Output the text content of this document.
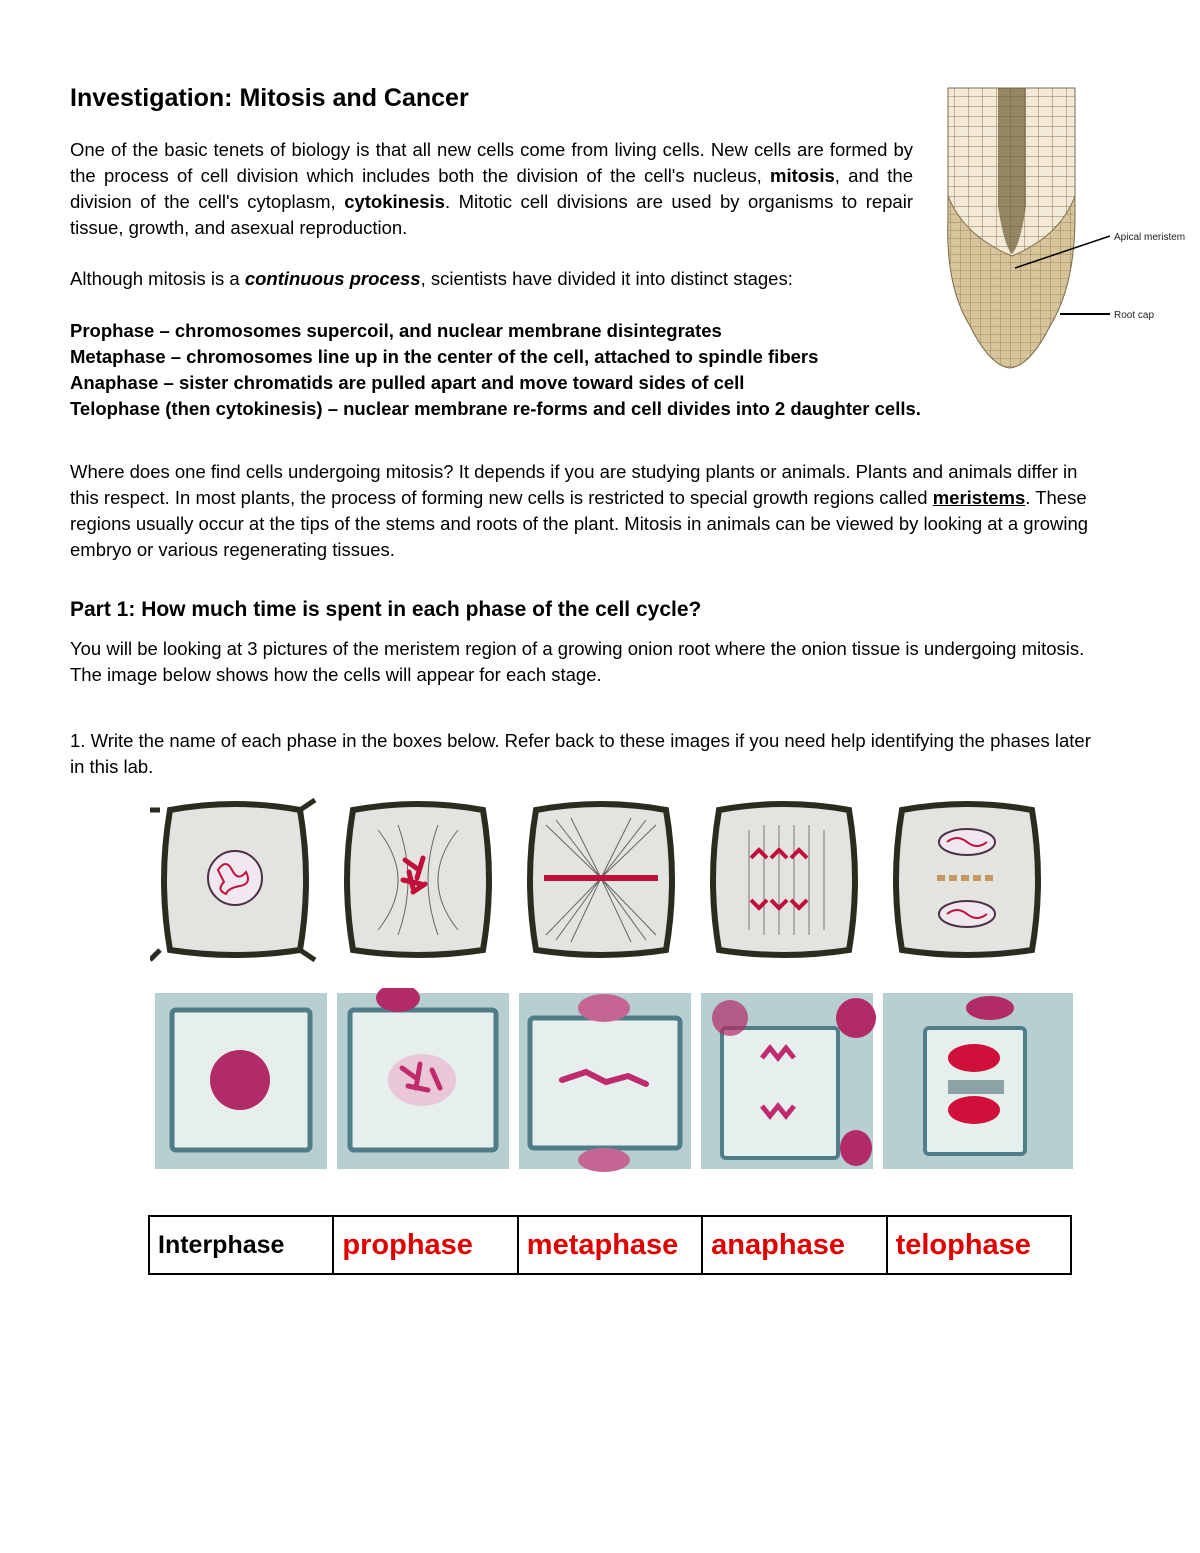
Investigation: Mitosis and Cancer
One of the basic tenets of biology is that all new cells come from living cells. New cells are formed by the process of cell division which includes both the division of the cell's nucleus, mitosis, and the division of the cell's cytoplasm, cytokinesis. Mitotic cell divisions are used by organisms to repair tissue, growth, and asexual reproduction.
Although mitosis is a continuous process, scientists have divided it into distinct stages:
Prophase – chromosomes supercoil, and nuclear membrane disintegrates
Metaphase – chromosomes line up in the center of the cell, attached to spindle fibers
Anaphase – sister chromatids are pulled apart and move toward sides of cell
Telophase (then cytokinesis) – nuclear membrane re-forms and cell divides into 2 daughter cells.
Where does one find cells undergoing mitosis? It depends if you are studying plants or animals. Plants and animals differ in this respect. In most plants, the process of forming new cells is restricted to special growth regions called meristems. These regions usually occur at the tips of the stems and roots of the plant. Mitosis in animals can be viewed by looking at a growing embryo or various regenerating tissues.
Part 1: How much time is spent in each phase of the cell cycle?
You will be looking at 3 pictures of the meristem region of a growing onion root where the onion tissue is undergoing mitosis. The image below shows how the cells will appear for each stage.
1. Write the name of each phase in the boxes below. Refer back to these images if you need help identifying the phases later in this lab.
Apical meristem
Root cap
Interphase	prophase	metaphase	anaphase	telophase
